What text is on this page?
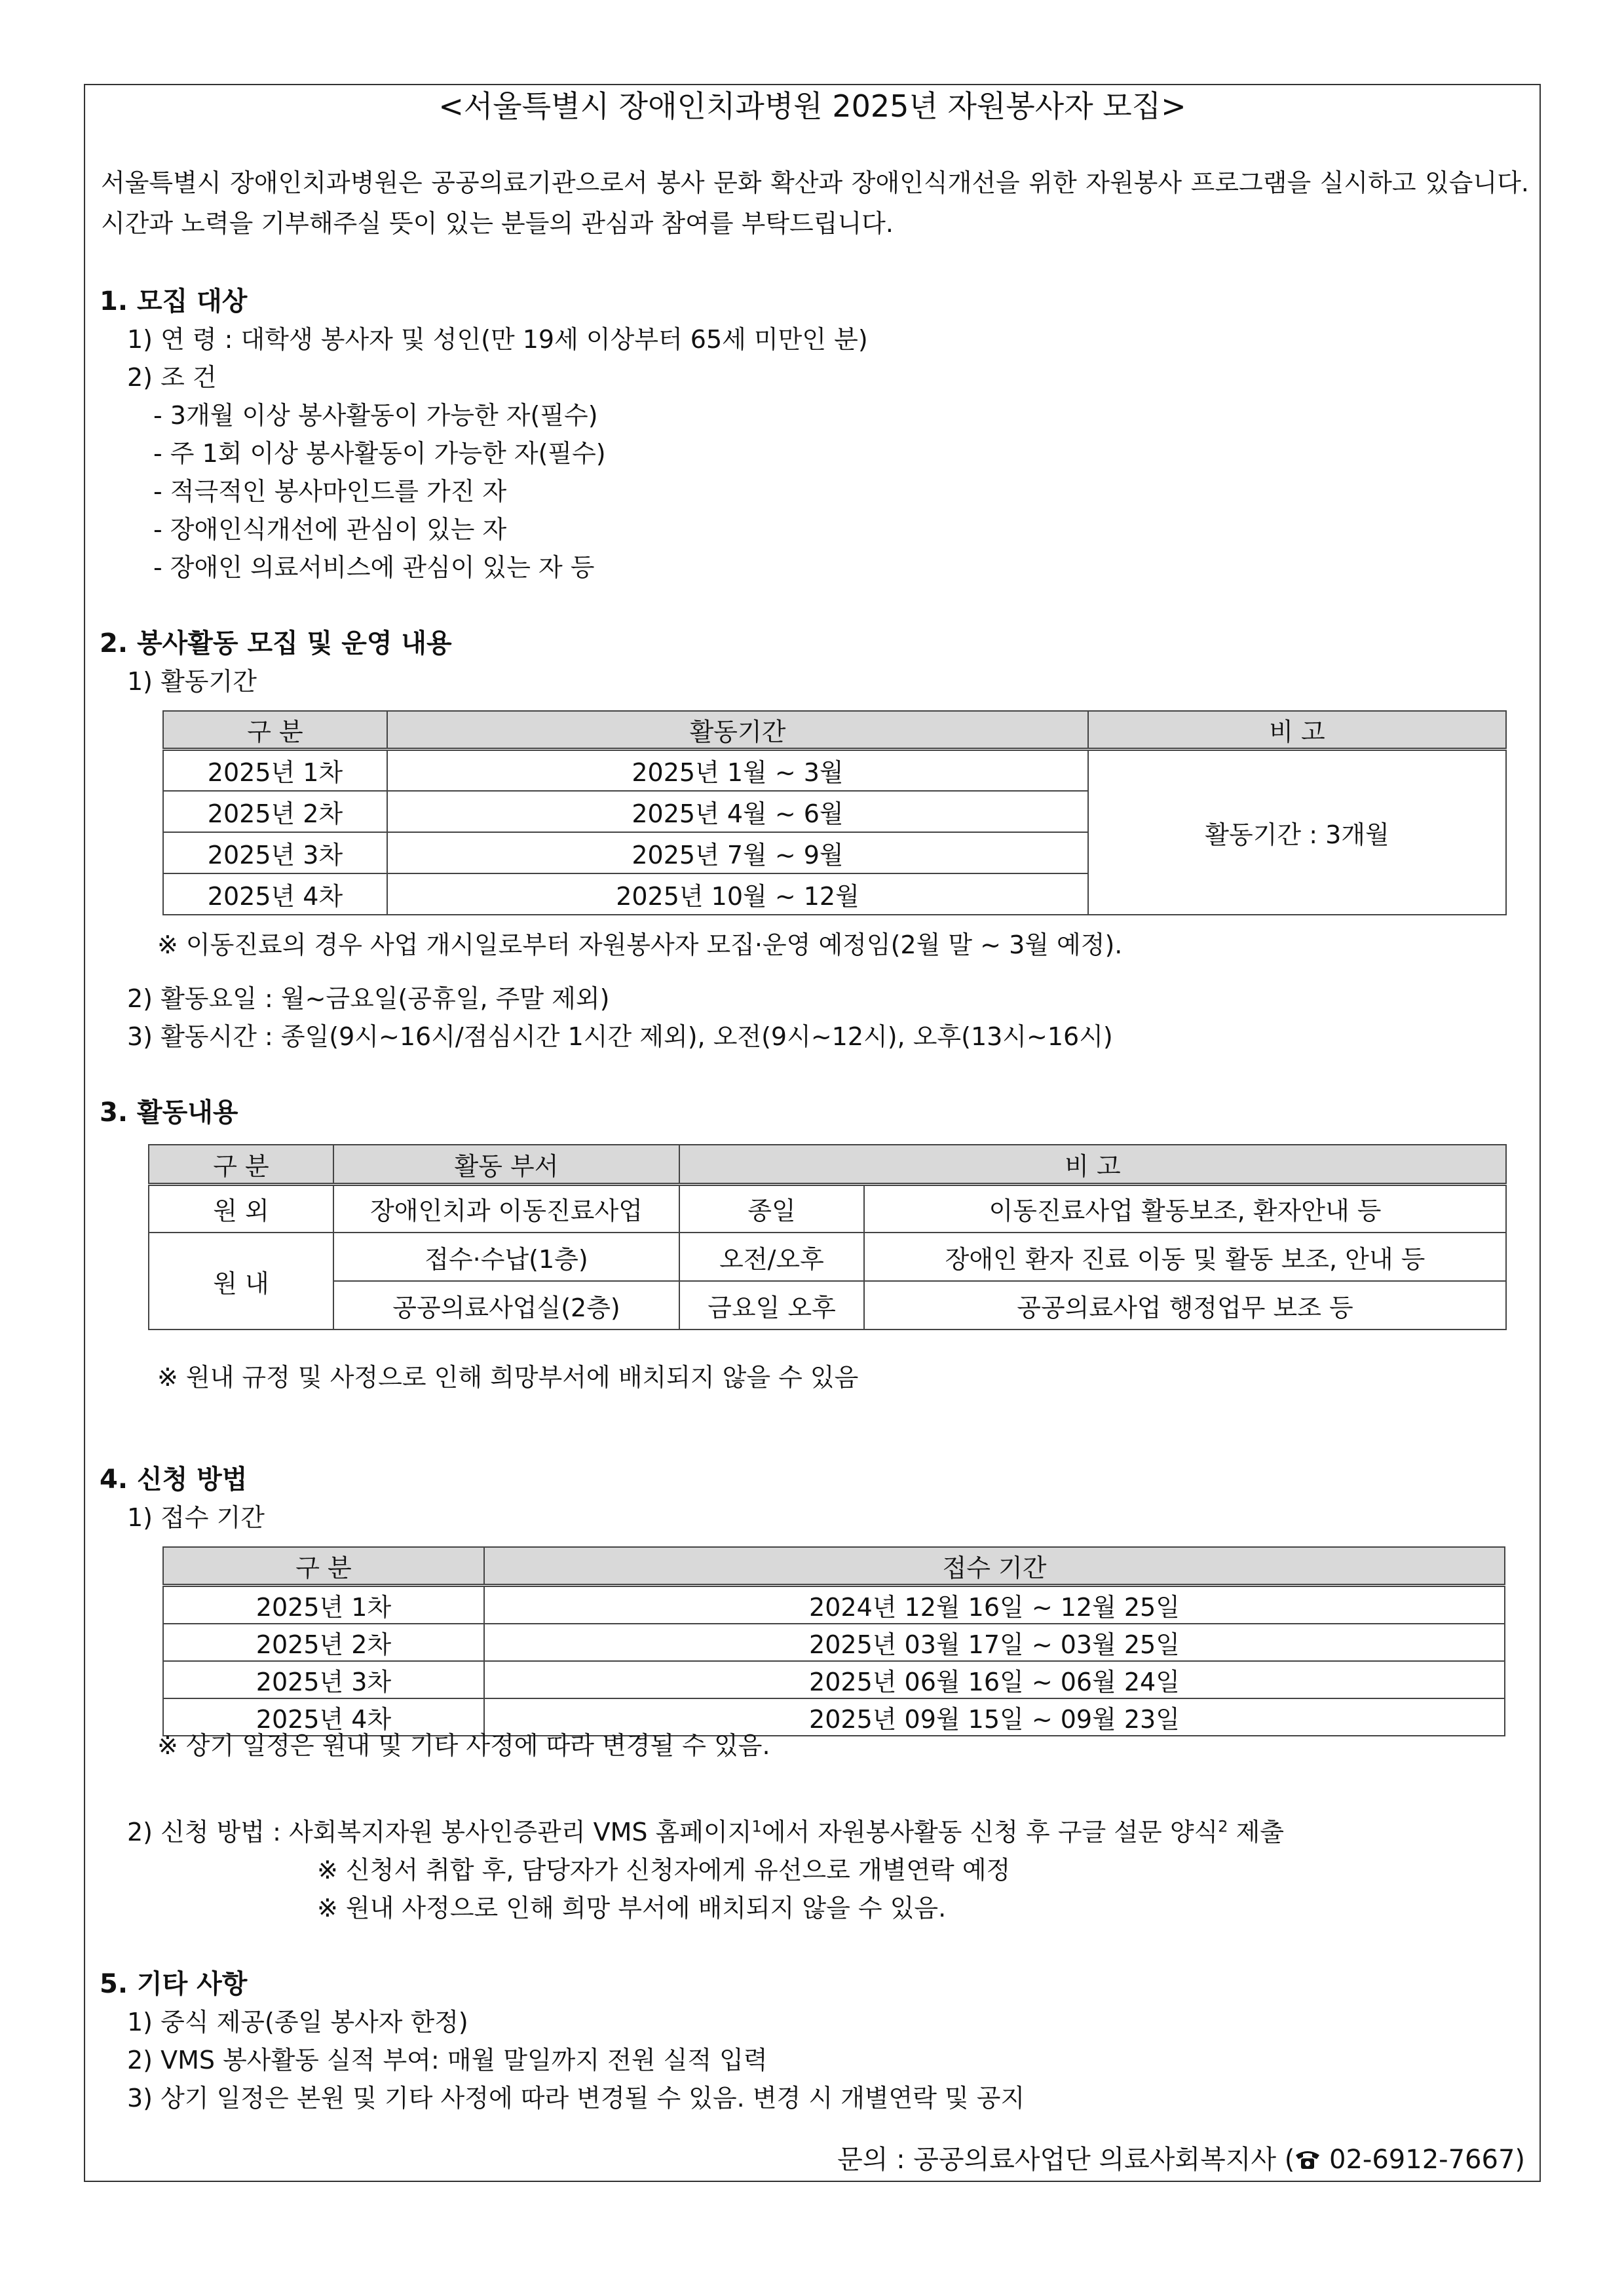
<서울특별시 장애인치과병원 2025년 자원봉사자 모집>
서울특별시 장애인치과병원은 공공의료기관으로서 봉사 문화 확산과 장애인식개선을 위한 자원봉사 프로그램을 실시하고 있습니다. 시간과 노력을 기부해주실 뜻이 있는 분들의 관심과 참여를 부탁드립니다.
1. 모집 대상
1) 연 령 : 대학생 봉사자 및 성인(만 19세 이상부터 65세 미만인 분)
2) 조 건
- 3개월 이상 봉사활동이 가능한 자(필수)
- 주 1회 이상 봉사활동이 가능한 자(필수)
- 적극적인 봉사마인드를 가진 자
- 장애인식개선에 관심이 있는 자
- 장애인 의료서비스에 관심이 있는 자 등
2. 봉사활동 모집 및 운영 내용
1) 활동기간
구 분	활동기간	비 고
2025년 1차	2025년 1월 ~ 3월	활동기간 : 3개월
2025년 2차	2025년 4월 ~ 6월	
2025년 3차	2025년 7월 ~ 9월	
2025년 4차	2025년 10월 ~ 12월	
※ 이동진료의 경우 사업 개시일로부터 자원봉사자 모집·운영 예정임(2월 말 ~ 3월 예정).
2) 활동요일 : 월~금요일(공휴일, 주말 제외)
3) 활동시간 : 종일(9시~16시/점심시간 1시간 제외), 오전(9시~12시), 오후(13시~16시)
3. 활동내용
구 분	활동 부서	비 고	
원 외	장애인치과 이동진료사업	종일	이동진료사업 활동보조, 환자안내 등
원 내	접수·수납(1층)	오전/오후	장애인 환자 진료 이동 및 활동 보조, 안내 등
	공공의료사업실(2층)	금요일 오후	공공의료사업 행정업무 보조 등
※ 원내 규정 및 사정으로 인해 희망부서에 배치되지 않을 수 있음
4. 신청 방법
1) 접수 기간
구 분	접수 기간
2025년 1차	2024년 12월 16일 ~ 12월 25일
2025년 2차	2025년 03월 17일 ~ 03월 25일
2025년 3차	2025년 06월 16일 ~ 06월 24일
2025년 4차	2025년 09월 15일 ~ 09월 23일
※ 상기 일정은 원내 및 기타 사정에 따라 변경될 수 있음.
2) 신청 방법 : 사회복지자원 봉사인증관리 VMS 홈페이지$^1$에서 자원봉사활동 신청 후 구글 설문 양식$^2$ 제출
※ 신청서 취합 후, 담당자가 신청자에게 유선으로 개별연락 예정
※ 원내 사정으로 인해 희망 부서에 배치되지 않을 수 있음.
5. 기타 사항
1) 중식 제공(종일 봉사자 한정)
2) VMS 봉사활동 실적 부여: 매월 말일까지 전원 실적 입력
3) 상기 일정은 본원 및 기타 사정에 따라 변경될 수 있음. 변경 시 개별연락 및 공지
문의 : 공공의료사업단 의료사회복지사 ( 02-6912-7667)
